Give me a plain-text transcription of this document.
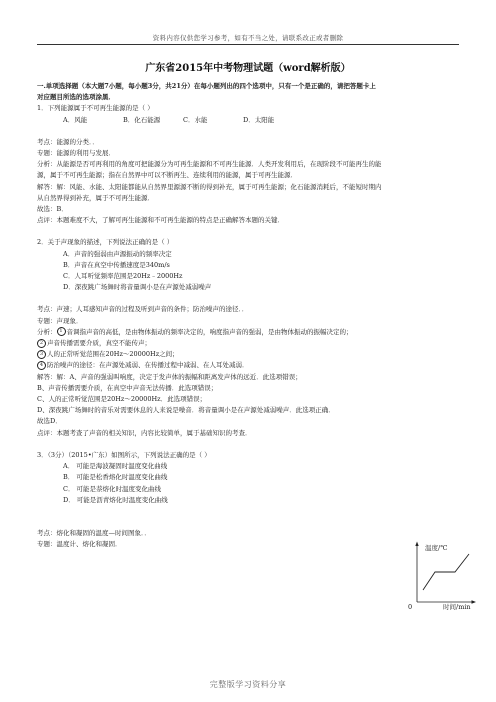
资料内容仅供您学习参考，如有不当之处，请联系改正或者删除
广东省2015年中考物理试题（word解析版）

一.单项选择题（本大题7小题，每小题3分，共21分）在每小题列出的四个选项中，只有一个是正确的，请把答题卡上

对应题目所选的选项涂黑．

1．下列能源属于不可再生能源的是（ ）

A．风能	B．化石能源	C．水能	D．太阳能

考点：能源的分类．．

专题：能源的利用与发展．

分析：从能源是否可再利用的角度可把能源分为可再生能源和不可再生能源．人类开发利用后，在现阶段不可能再生的能

源，属于不可再生能源；指在自然界中可以不断再生、连续利用的能源，属于可再生能源．

解答：解：风能、水能、太阳能都能从自然界里源源不断的得到补充，属于可再生能源；化石能源消耗后，不能短时期内

从自然界得到补充，属于不可再生能源．

故选：B．

点评：本题难度不大，了解可再生能源和不可再生能源的特点是正确解答本题的关键．

2．关于声现象的描述，下列说法正确的是（ ）

A．声音的强弱由声源振动的频率决定

B．声音在真空中传播速度是340m/s

C．人耳听觉频率范围是20Hz﹣2000Hz

D．深夜跳广场舞时将音量调小是在声源处减弱噪声

考点：声速；人耳感知声音的过程及听到声音的条件；防治噪声的途径．．

专题：声现象．

分析： 1 音调指声音的高低，是由物体振动的频率决定的，响度指声音的强弱，是由物体振动的振幅决定的；

2 声音传播需要介质，真空不能传声；

3 人的正常听觉范围在20Hz～20000Hz之间；

4 防治噪声的途径：在声源处减弱、在传播过程中减弱、在人耳处减弱．

解答：解：A、声音的强弱叫响度，决定于发声体的振幅和距离发声体的远近．此选项错误；

B、声音传播需要介质，在真空中声音无法传播．此选项错误；

C、人的正常听觉范围是20Hz～20000Hz．此选项错误；

D、深夜跳广场舞时的音乐对需要休息的人来说是噪音．将音量调小是在声源处减弱噪声．此选项正确．

故选D．

点评：本题考查了声音的相关知识，内容比较简单，属于基础知识的考查．

3．（3分）（2015•广东）如图所示，下列说法正确的是（ ）

A． 可能是海波凝固时温度变化曲线

B． 可能是松香熔化时温度变化曲线

C． 可能是萘熔化时温度变化曲线

D． 可能是沥青熔化时温度变化曲线

考点：熔化和凝固的温度—时间图象．．

专题：温度计、熔化和凝固．	温度/℃
0	时间/min
完整版学习资料分享
